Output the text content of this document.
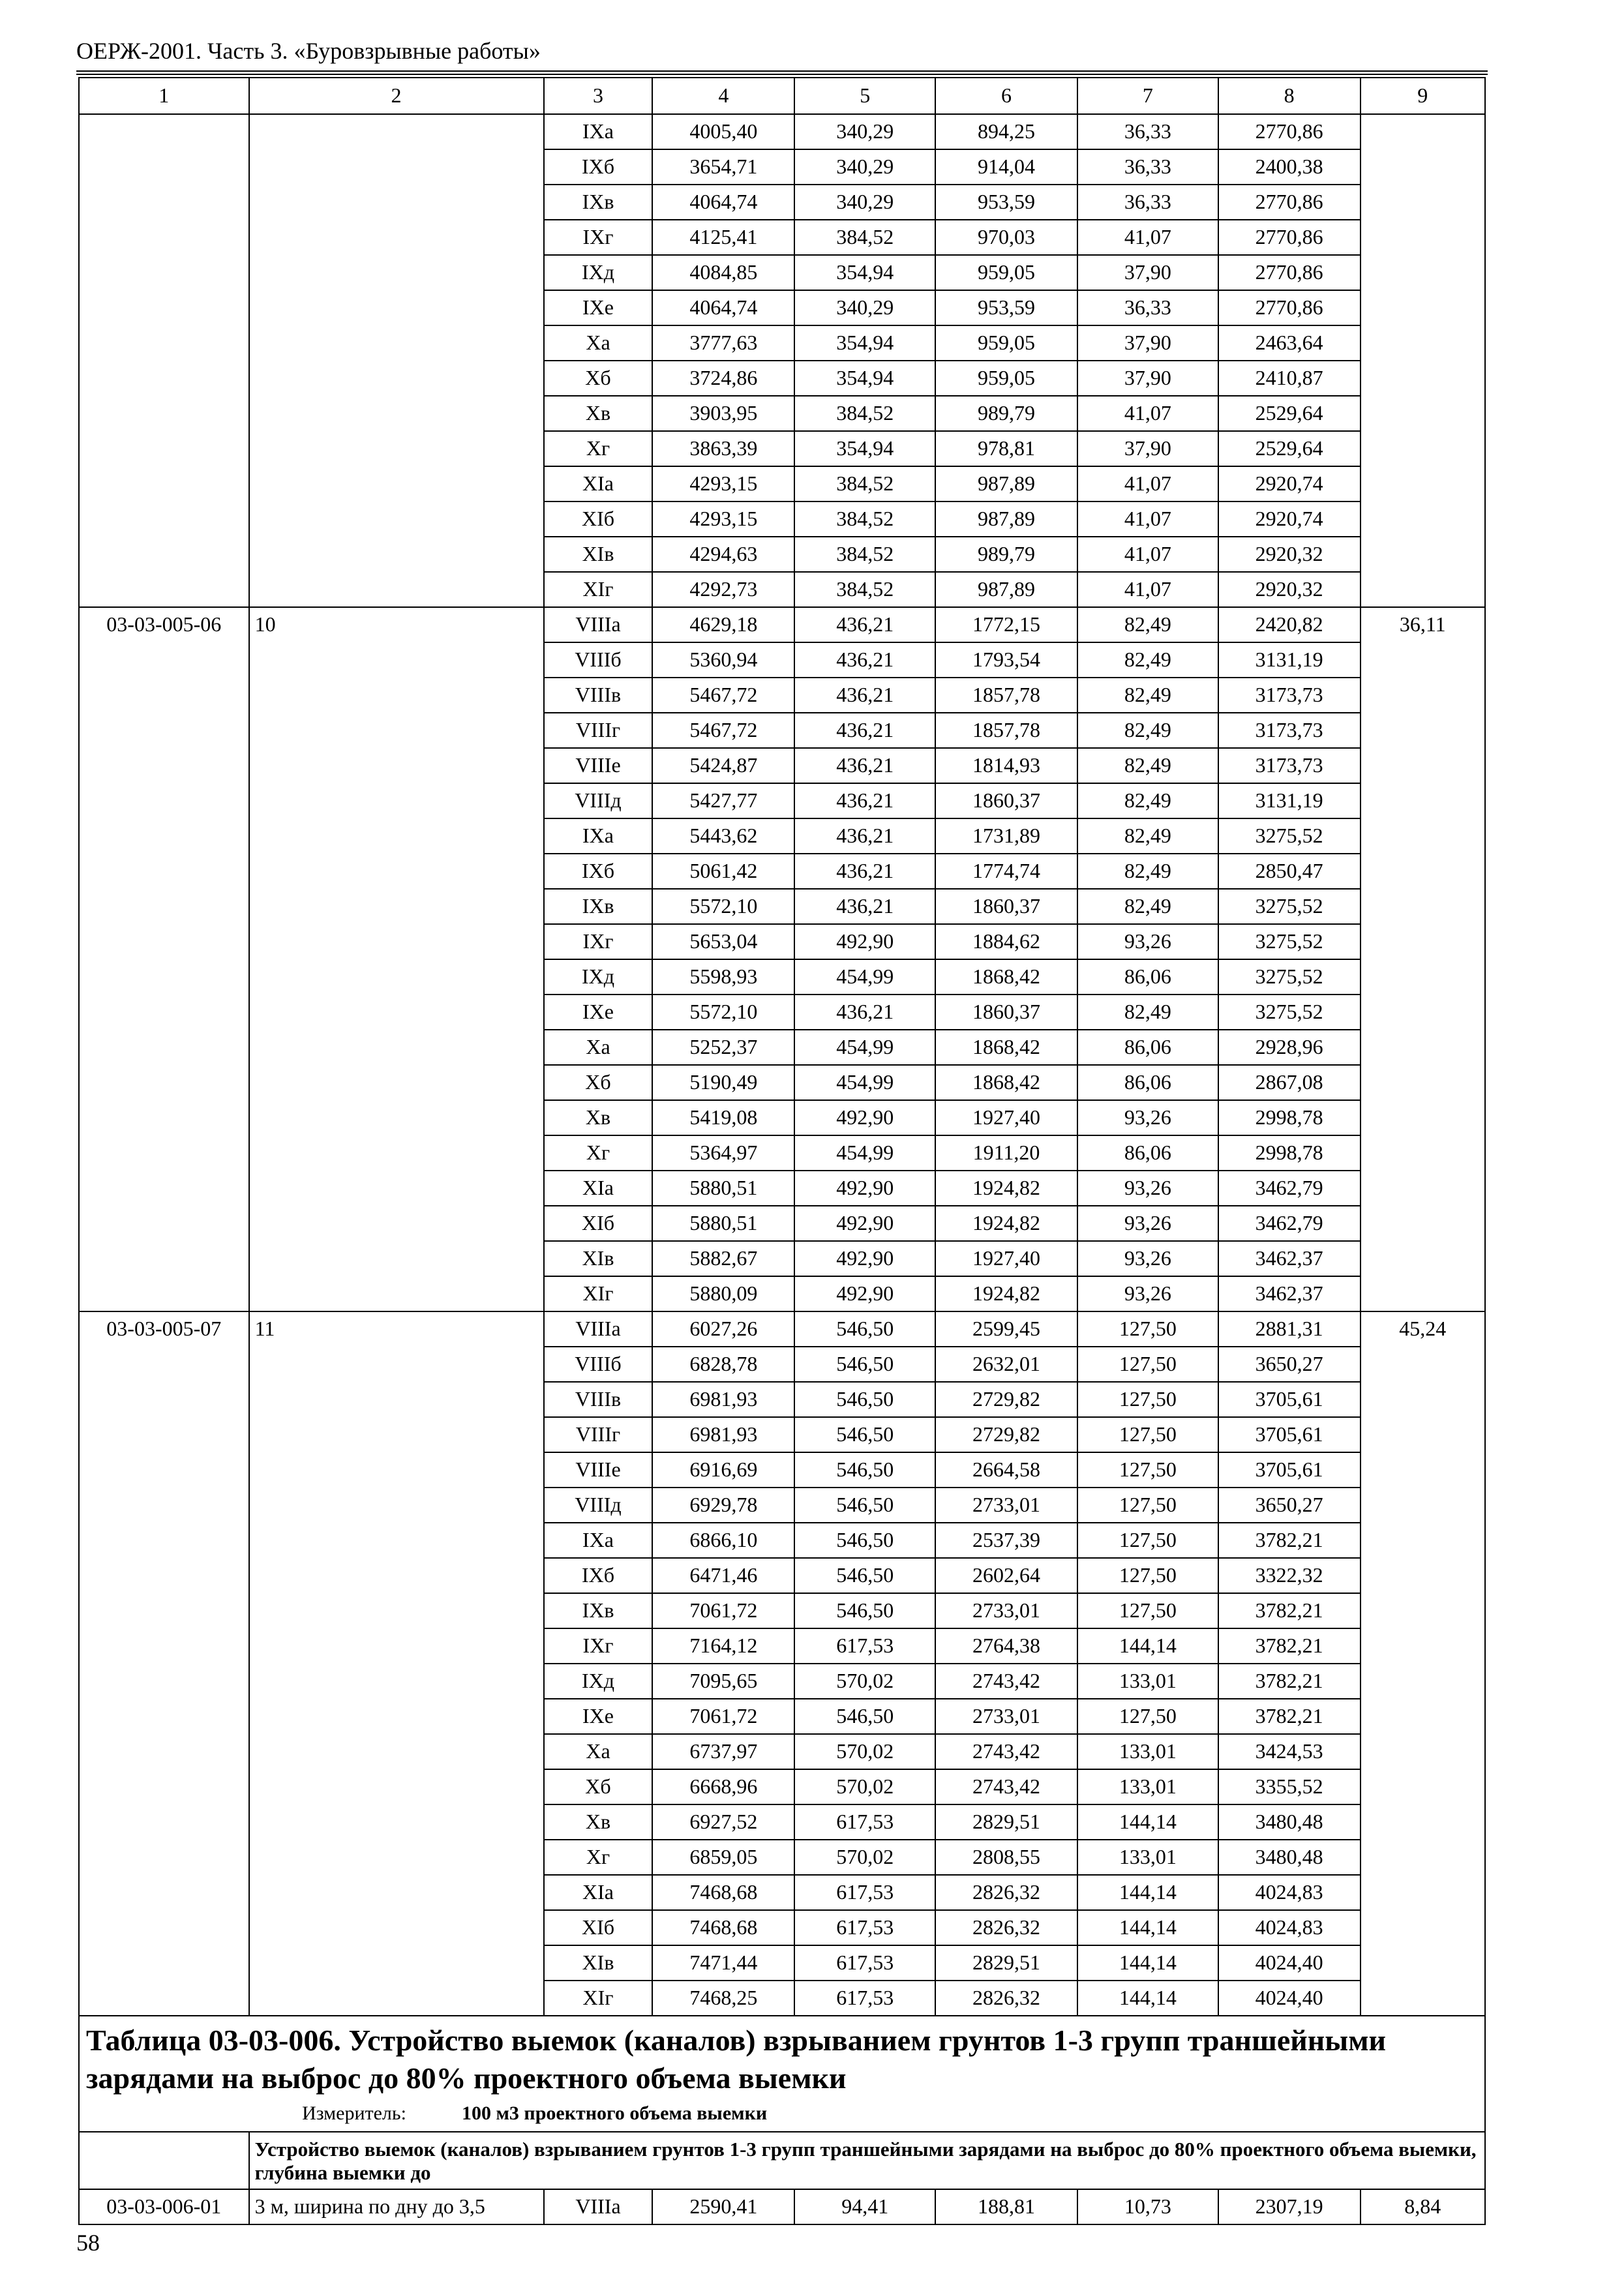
ОЕРЖ-2001. Часть 3. «Буровзрывные работы»
1	2	3	4	5	6	7	8	9
		IXа	4005,40	340,29	894,25	36,33	2770,86	
		IXб	3654,71	340,29	914,04	36,33	2400,38	
		IXв	4064,74	340,29	953,59	36,33	2770,86	
		IXг	4125,41	384,52	970,03	41,07	2770,86	
		IXд	4084,85	354,94	959,05	37,90	2770,86	
		IXе	4064,74	340,29	953,59	36,33	2770,86	
		Xа	3777,63	354,94	959,05	37,90	2463,64	
		Xб	3724,86	354,94	959,05	37,90	2410,87	
		Xв	3903,95	384,52	989,79	41,07	2529,64	
		Xг	3863,39	354,94	978,81	37,90	2529,64	
		XIа	4293,15	384,52	987,89	41,07	2920,74	
		XIб	4293,15	384,52	987,89	41,07	2920,74	
		XIв	4294,63	384,52	989,79	41,07	2920,32	
		XIг	4292,73	384,52	987,89	41,07	2920,32	
03-03-005-06	10	VIIIа	4629,18	436,21	1772,15	82,49	2420,82	36,11
		VIIIб	5360,94	436,21	1793,54	82,49	3131,19	
		VIIIв	5467,72	436,21	1857,78	82,49	3173,73	
		VIIIг	5467,72	436,21	1857,78	82,49	3173,73	
		VIIIе	5424,87	436,21	1814,93	82,49	3173,73	
		VIIIд	5427,77	436,21	1860,37	82,49	3131,19	
		IXа	5443,62	436,21	1731,89	82,49	3275,52	
		IXб	5061,42	436,21	1774,74	82,49	2850,47	
		IXв	5572,10	436,21	1860,37	82,49	3275,52	
		IXг	5653,04	492,90	1884,62	93,26	3275,52	
		IXд	5598,93	454,99	1868,42	86,06	3275,52	
		IXе	5572,10	436,21	1860,37	82,49	3275,52	
		Xа	5252,37	454,99	1868,42	86,06	2928,96	
		Xб	5190,49	454,99	1868,42	86,06	2867,08	
		Xв	5419,08	492,90	1927,40	93,26	2998,78	
		Xг	5364,97	454,99	1911,20	86,06	2998,78	
		XIа	5880,51	492,90	1924,82	93,26	3462,79	
		XIб	5880,51	492,90	1924,82	93,26	3462,79	
		XIв	5882,67	492,90	1927,40	93,26	3462,37	
		XIг	5880,09	492,90	1924,82	93,26	3462,37	
03-03-005-07	11	VIIIа	6027,26	546,50	2599,45	127,50	2881,31	45,24
		VIIIб	6828,78	546,50	2632,01	127,50	3650,27	
		VIIIв	6981,93	546,50	2729,82	127,50	3705,61	
		VIIIг	6981,93	546,50	2729,82	127,50	3705,61	
		VIIIе	6916,69	546,50	2664,58	127,50	3705,61	
		VIIIд	6929,78	546,50	2733,01	127,50	3650,27	
		IXа	6866,10	546,50	2537,39	127,50	3782,21	
		IXб	6471,46	546,50	2602,64	127,50	3322,32	
		IXв	7061,72	546,50	2733,01	127,50	3782,21	
		IXг	7164,12	617,53	2764,38	144,14	3782,21	
		IXд	7095,65	570,02	2743,42	133,01	3782,21	
		IXе	7061,72	546,50	2733,01	127,50	3782,21	
		Xа	6737,97	570,02	2743,42	133,01	3424,53	
		Xб	6668,96	570,02	2743,42	133,01	3355,52	
		Xв	6927,52	617,53	2829,51	144,14	3480,48	
		Xг	6859,05	570,02	2808,55	133,01	3480,48	
		XIа	7468,68	617,53	2826,32	144,14	4024,83	
		XIб	7468,68	617,53	2826,32	144,14	4024,83	
		XIв	7471,44	617,53	2829,51	144,14	4024,40	
		XIг	7468,25	617,53	2826,32	144,14	4024,40	

Таблица 03-03-006. Устройство выемок (каналов) взрыванием грунтов 1-3 групп траншейными зарядами на выброс до 80% проектного объема выемки								

Измеритель: 100 м3 проектного объема выемки								

	Устройство выемок (каналов) взрыванием грунтов 1-3 групп траншейными зарядами на выброс до 80% проектного объема выемки, глубина выемки до							
03-03-006-01	3 м, ширина по дну до 3,5	VIIIа	2590,41	94,41	188,81	10,73	2307,19	8,84
58
